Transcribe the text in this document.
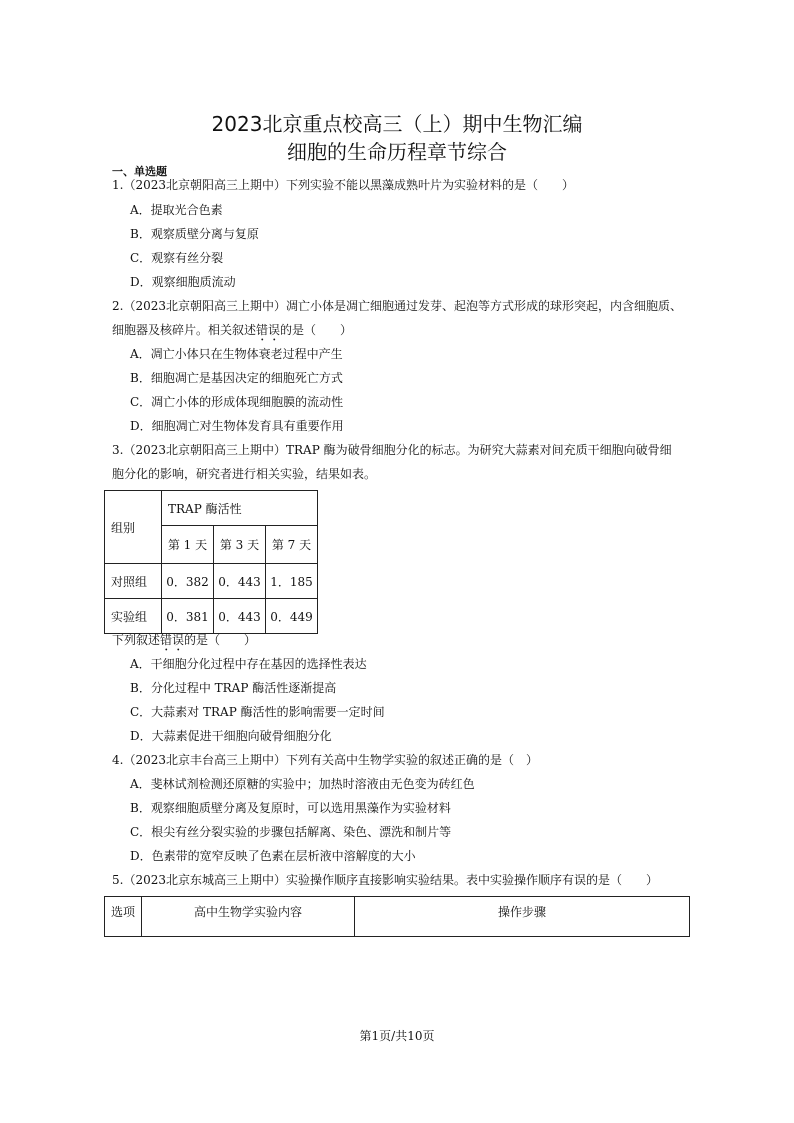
2023北京重点校高三（上）期中生物汇编
细胞的生命历程章节综合
一、单选题
1.（2023北京朝阳高三上期中）下列实验不能以黑藻成熟叶片为实验材料的是（　　）
A．提取光合色素
B．观察质壁分离与复原
C．观察有丝分裂
D．观察细胞质流动
2.（2023北京朝阳高三上期中）凋亡小体是凋亡细胞通过发芽、起泡等方式形成的球形突起，内含细胞质、
细胞器及核碎片。相关叙述错误的是（　　）
A．凋亡小体只在生物体衰老过程中产生
B．细胞凋亡是基因决定的细胞死亡方式
C．凋亡小体的形成体现细胞膜的流动性
D．细胞凋亡对生物体发育具有重要作用
3.（2023北京朝阳高三上期中）TRAP 酶为破骨细胞分化的标志。为研究大蒜素对间充质干细胞向破骨细
胞分化的影响，研究者进行相关实验，结果如表。
组别	TRAP 酶活性		
	第 1 天	第 3 天	第 7 天
对照组	0．382	0．443	1．185
实验组	0．381	0．443	0．449
下列叙述错误的是（　　）
A．干细胞分化过程中存在基因的选择性表达
B．分化过程中 TRAP 酶活性逐渐提高
C．大蒜素对 TRAP 酶活性的影响需要一定时间
D．大蒜素促进干细胞向破骨细胞分化
4.（2023北京丰台高三上期中）下列有关高中生物学实验的叙述正确的是（　）
A．斐林试剂检测还原糖的实验中；加热时溶液由无色变为砖红色
B．观察细胞质壁分离及复原时，可以选用黑藻作为实验材料
C．根尖有丝分裂实验的步骤包括解离、染色、漂洗和制片等
D．色素带的宽窄反映了色素在层析液中溶解度的大小
5.（2023北京东城高三上期中）实验操作顺序直接影响实验结果。表中实验操作顺序有误的是（　　）
选项	高中生物学实验内容	操作步骤
第1页/共10页
